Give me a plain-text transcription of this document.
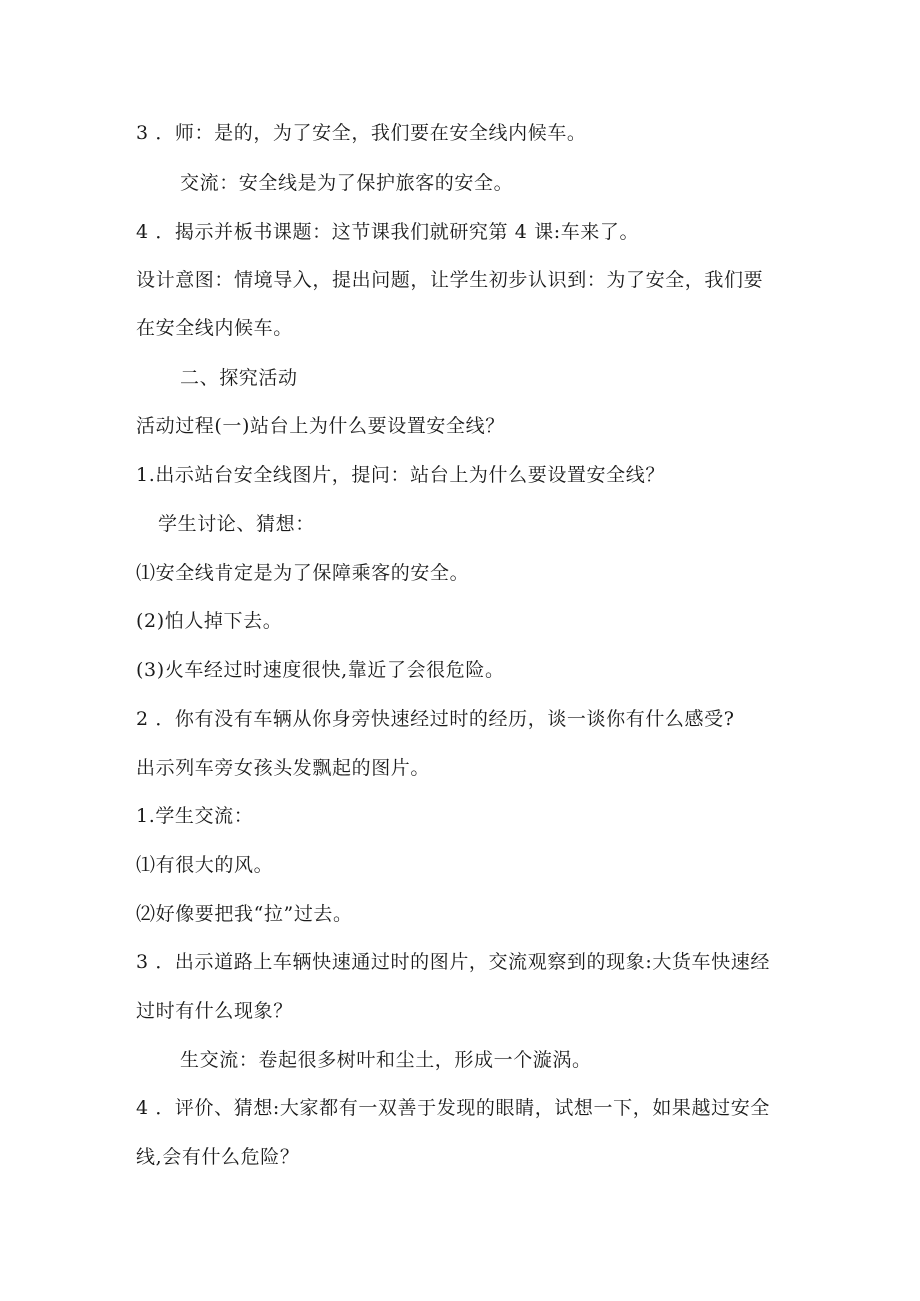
3 ．师：是的，为了安全，我们要在安全线内候车。

交流：安全线是为了保护旅客的安全。

4 ．揭示并板书课题：这节课我们就研究第 4 课:车来了。

设计意图：情境导入，提出问题，让学生初步认识到：为了安全，我们要

在安全线内候车。

二、探究活动

活动过程(一)站台上为什么要设置安全线？

1.出示站台安全线图片，提问：站台上为什么要设置安全线？

学生讨论、猜想：

⑴安全线肯定是为了保障乘客的安全。

(2)怕人掉下去。

(3)火车经过时速度很快,靠近了会很危险。

2 ．你有没有车辆从你身旁快速经过时的经历，谈一谈你有什么感受?

出示列车旁女孩头发飘起的图片。

1.学生交流：

⑴有很大的风。

⑵好像要把我“拉”过去。

3 ．出示道路上车辆快速通过时的图片，交流观察到的现象:大货车快速经

过时有什么现象？

生交流：卷起很多树叶和尘土，形成一个漩涡。

4 ．评价、猜想:大家都有一双善于发现的眼睛，试想一下，如果越过安全

线,会有什么危险？
